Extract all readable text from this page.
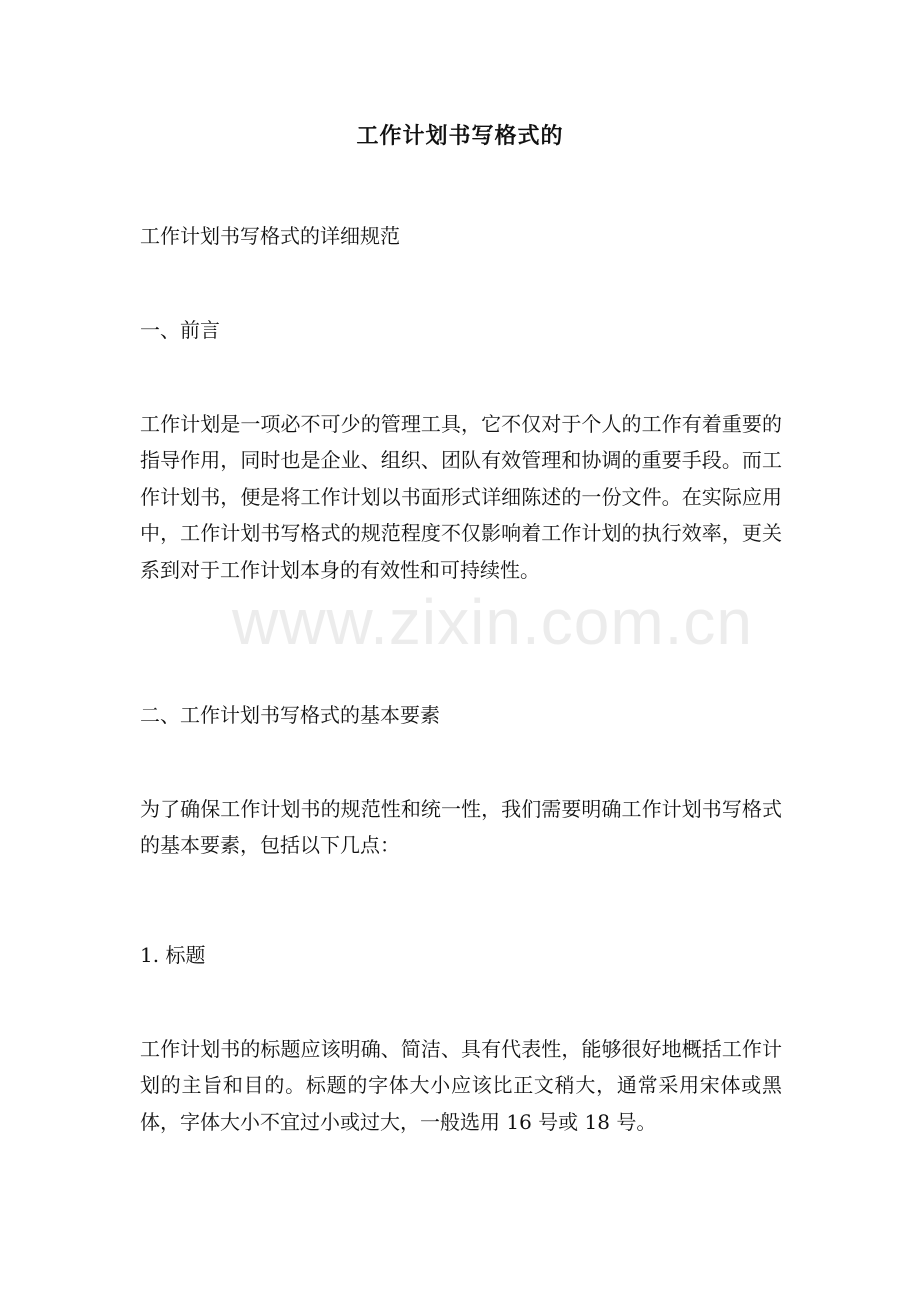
工作计划书写格式的

工作计划书写格式的详细规范

一、前言

工作计划是一项必不可少的管理工具，它不仅对于个人的工作有着重要的指导作用，同时也是企业、组织、团队有效管理和协调的重要手段。而工作计划书，便是将工作计划以书面形式详细陈述的一份文件。在实际应用中，工作计划书写格式的规范程度不仅影响着工作计划的执行效率，更关系到对于工作计划本身的有效性和可持续性。

二、工作计划书写格式的基本要素

为了确保工作计划书的规范性和统一性，我们需要明确工作计划书写格式的基本要素，包括以下几点：

1. 标题

工作计划书的标题应该明确、简洁、具有代表性，能够很好地概括工作计划的主旨和目的。标题的字体大小应该比正文稍大，通常采用宋体或黑体，字体大小不宜过小或过大，一般选用 16 号或 18 号。

www.zixin.com.cn
